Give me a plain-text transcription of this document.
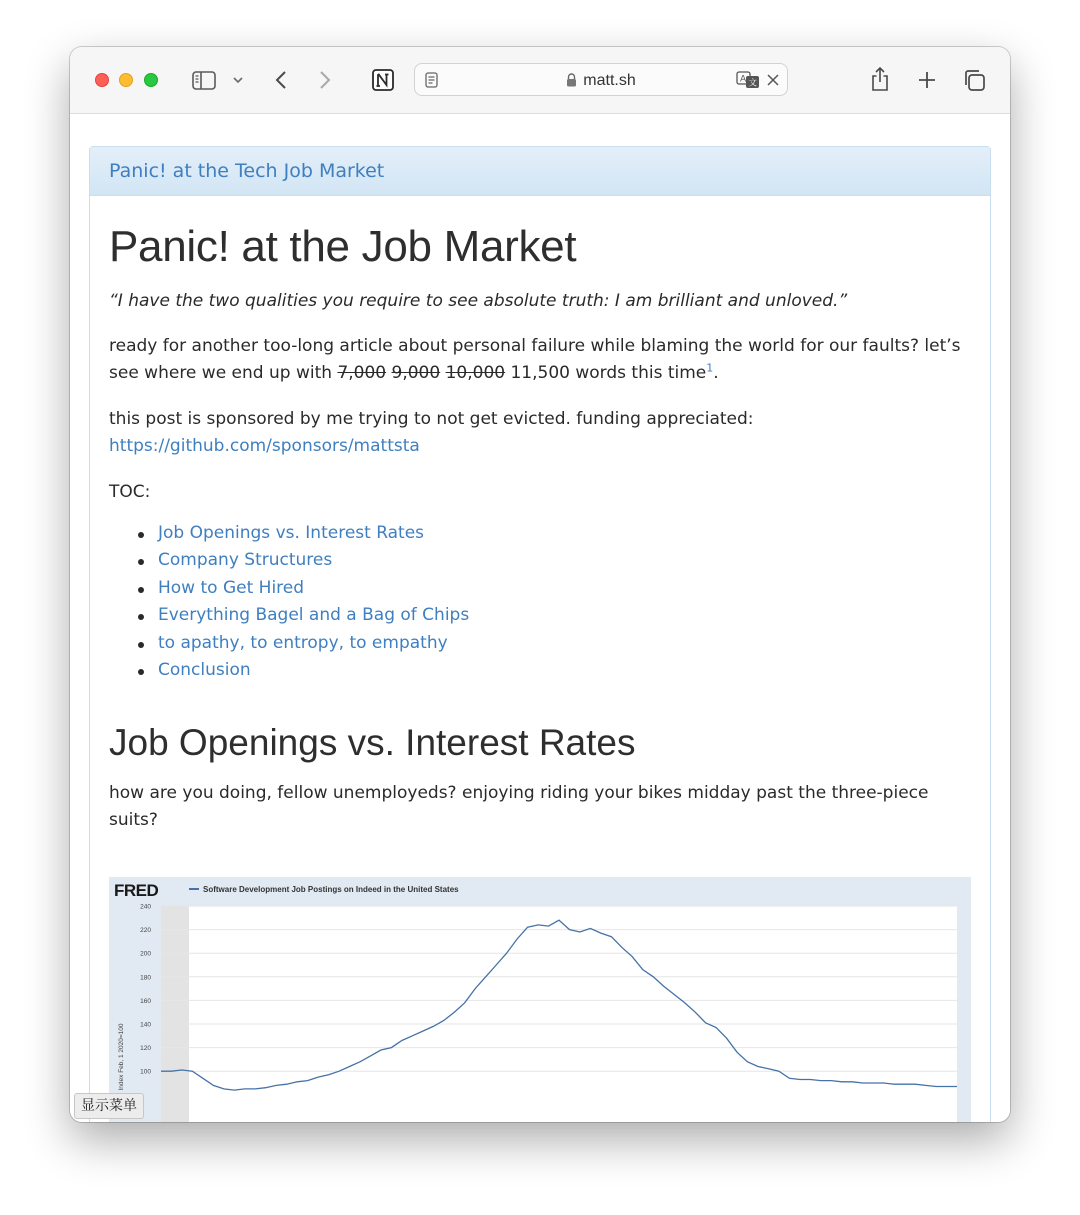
matt.sh	A 文
Panic! at the Tech Job Market
Panic! at the Job Market

“I have the two qualities you require to see absolute truth: I am brilliant and unloved.”

ready for another too-long article about personal failure while blaming the world for our faults? let’s see where we end up with 7,000 9,000 10,000 11,500 words this time$^1$.

this post is sponsored by me trying to not get evicted. funding appreciated:
https://github.com/sponsors/mattsta

TOC:

Job Openings vs. Interest Rates
Company Structures
How to Get Hired
Everything Bagel and a Bag of Chips
to apathy, to entropy, to empathy
Conclusion
Job Openings vs. Interest Rates

how are you doing, fellow unemployeds? enjoying riding your bikes midday past the three-piece suits?

FRED	Software Development Job Postings on Indeed in the United States
100
120
140
160
180
200
220
240
Index Feb, 1 2020=100
显示菜单
